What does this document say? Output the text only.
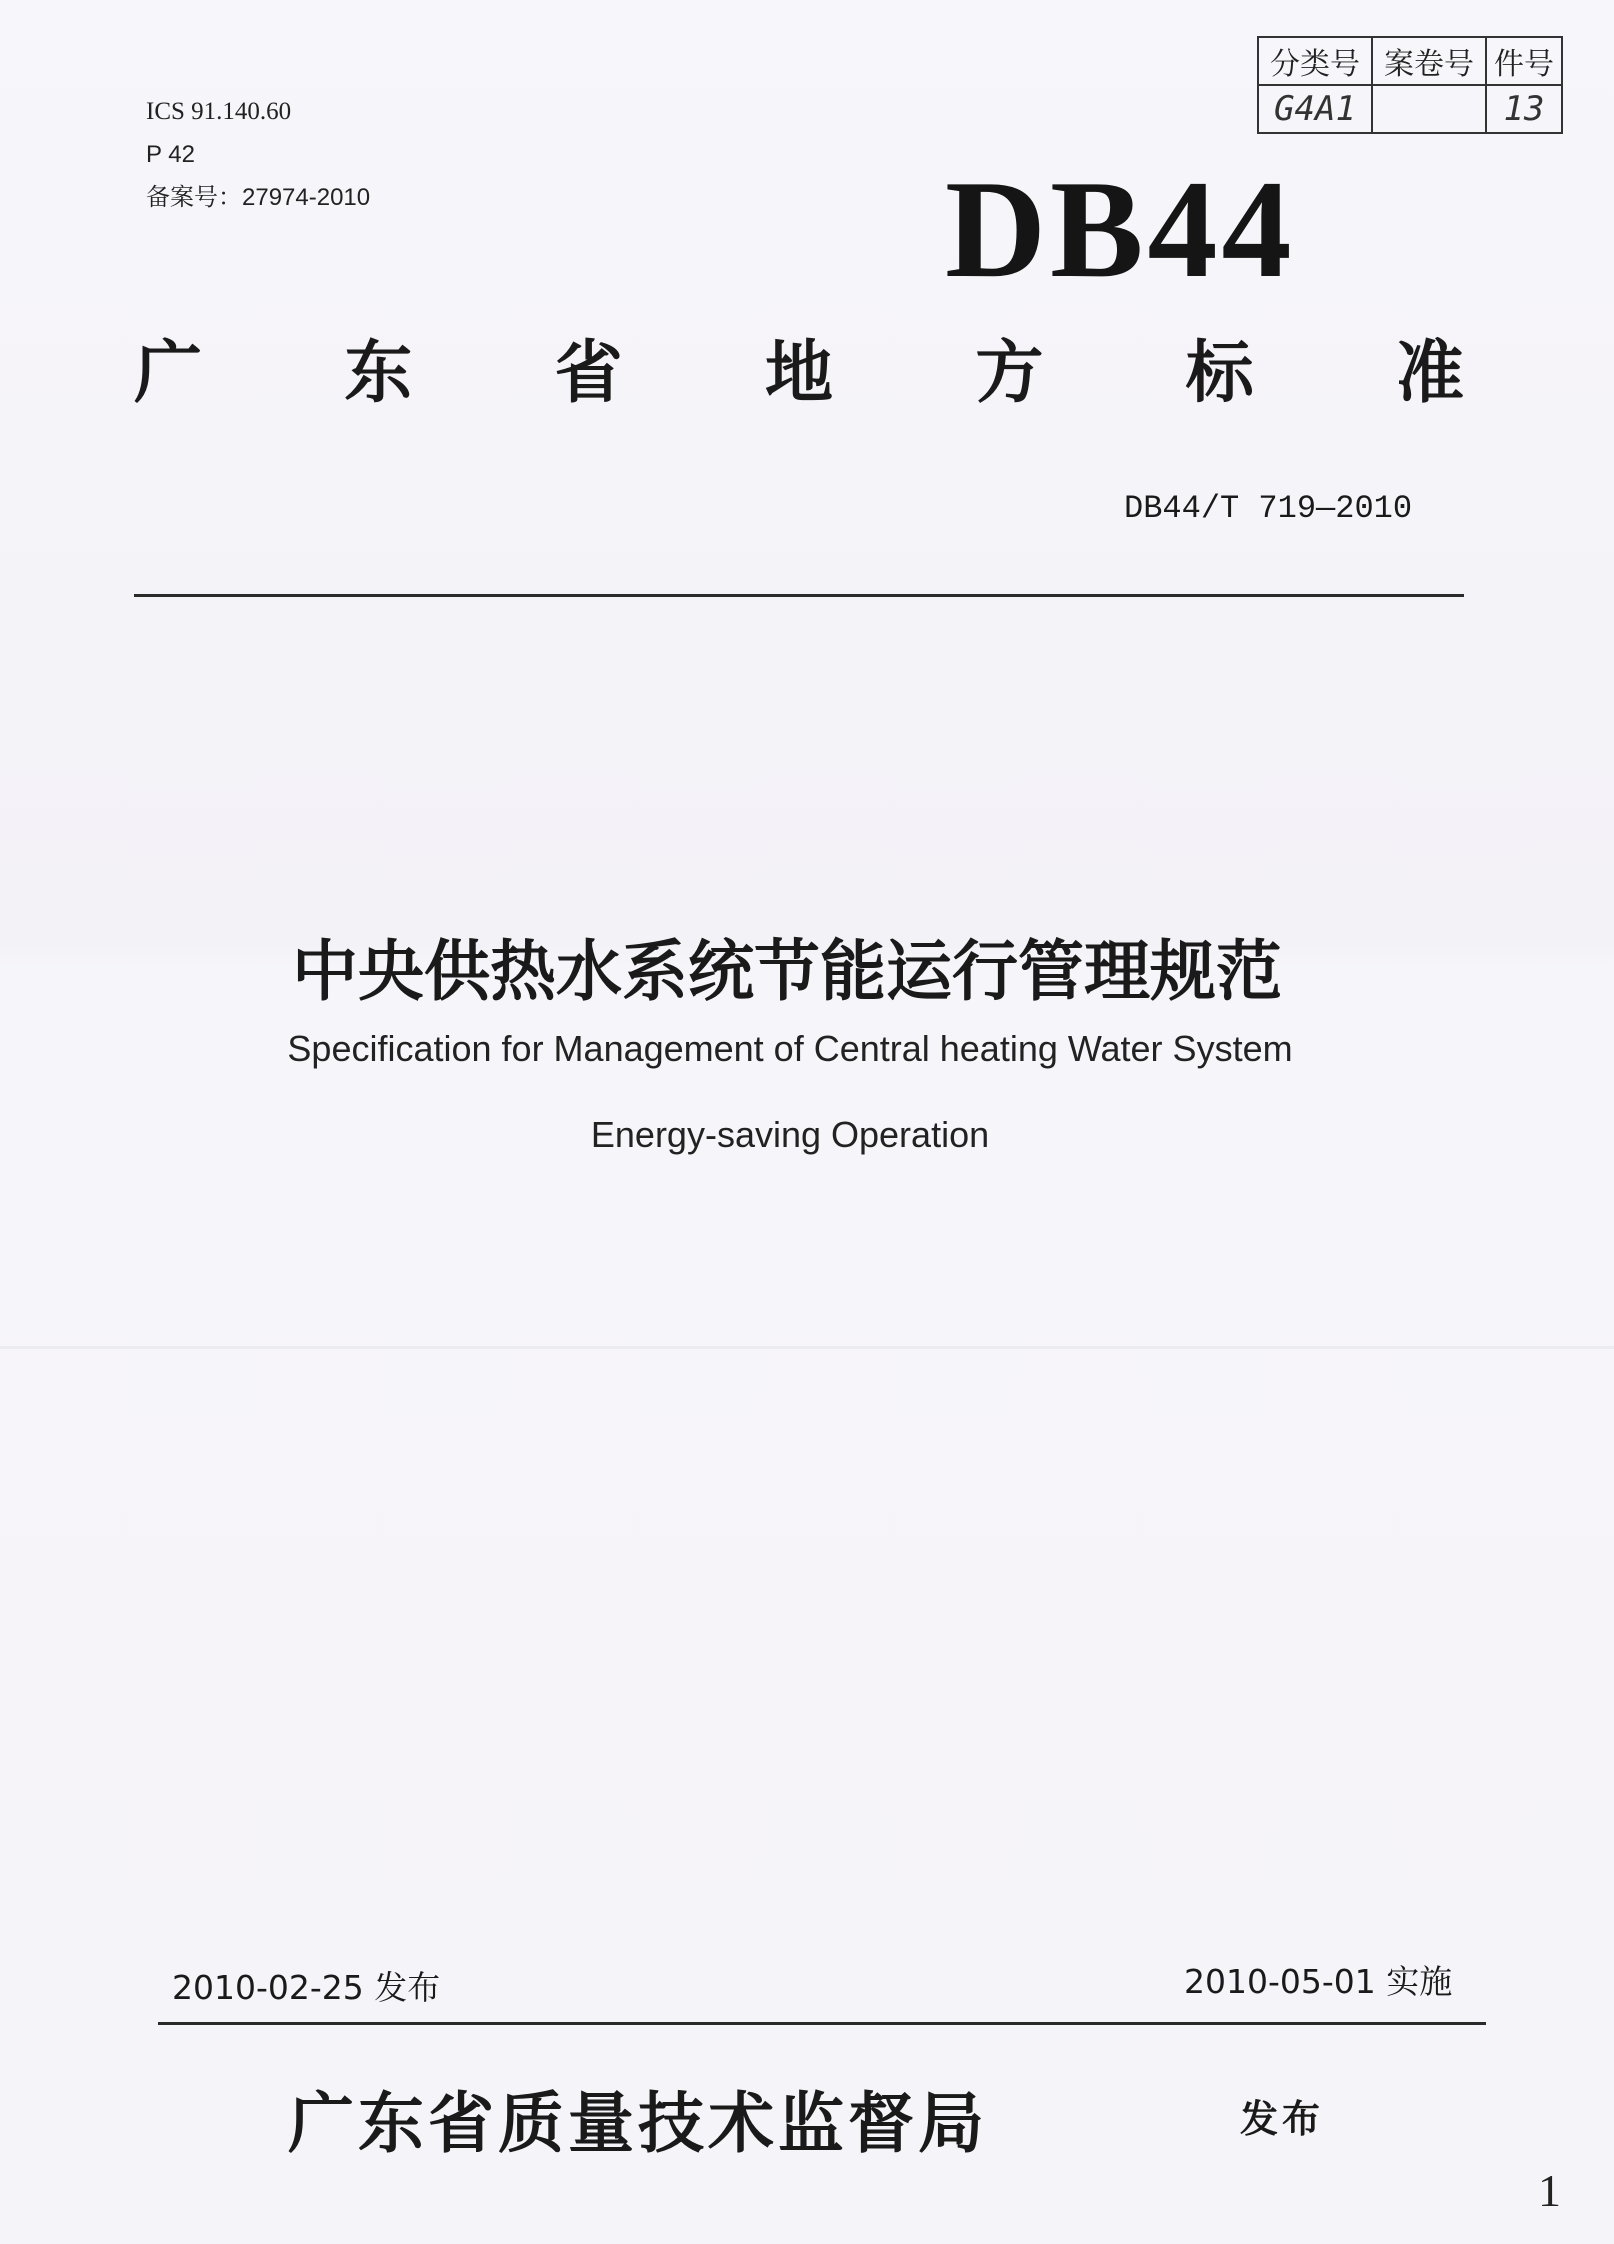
ICS 91.140.60
P 42
备案号：27974-2010
分类号	案卷号	件号
G4A1		13
DB44
广 东 省 地 方 标 准
DB44/T 719—2010
中央供热水系统节能运行管理规范
Specification for Management of Central heating Water System
Energy-saving Operation
2010-02-25 发布	2010-05-01 实施
广东省质量技术监督局	发布
1
